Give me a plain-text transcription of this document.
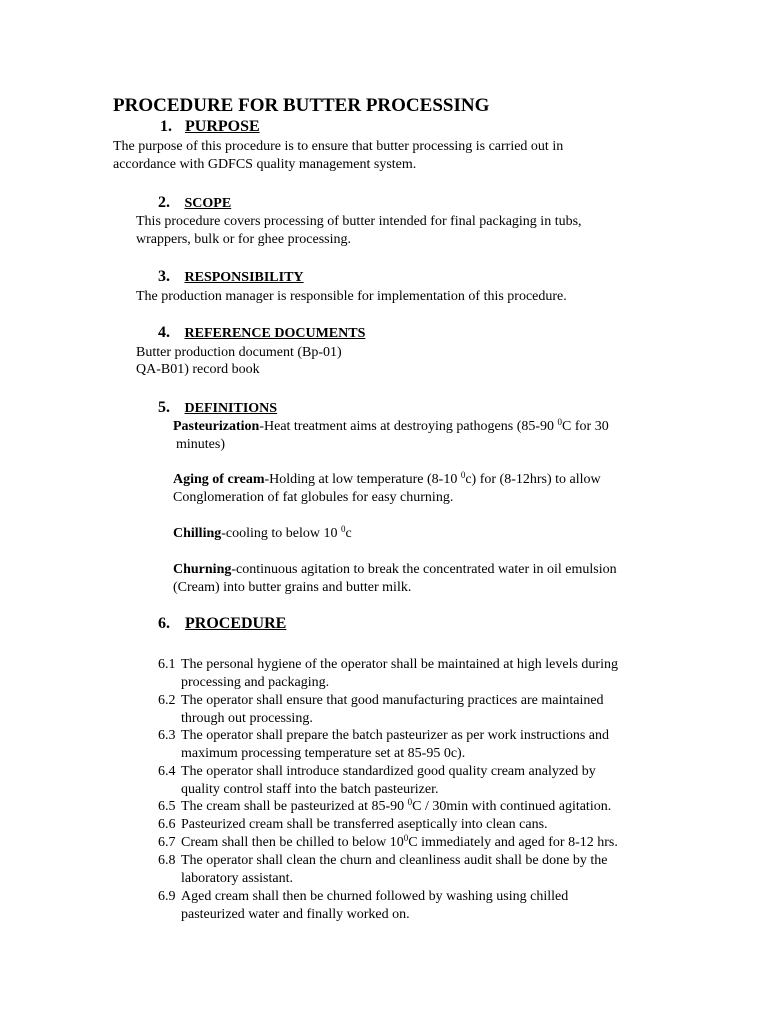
PROCEDURE FOR BUTTER PROCESSING
1. PURPOSE
The purpose of this procedure is to ensure that butter processing is carried out in
accordance with GDFCS quality management system.
2. SCOPE
This procedure covers processing of butter intended for final packaging in tubs,
wrappers, bulk or for ghee processing.
3. RESPONSIBILITY
The production manager is responsible for implementation of this procedure.
4. REFERENCE DOCUMENTS
Butter production document (Bp-01)
QA-B01) record book
5. DEFINITIONS
Pasteurization-Heat treatment aims at destroying pathogens (85-90 $^0$C for 30
minutes)
Aging of cream-Holding at low temperature (8-10 $^0$c) for (8-12hrs) to allow
Conglomeration of fat globules for easy churning.
Chilling-cooling to below 10 $^0$c
Churning-continuous agitation to break the concentrated water in oil emulsion
(Cream) into butter grains and butter milk.
6. PROCEDURE
6.1 The personal hygiene of the operator shall be maintained at high levels during
processing and packaging.
6.2 The operator shall ensure that good manufacturing practices are maintained
through out processing.
6.3 The operator shall prepare the batch pasteurizer as per work instructions and
maximum processing temperature set at 85-95 0c).
6.4 The operator shall introduce standardized good quality cream analyzed by
quality control staff into the batch pasteurizer.
6.5 The cream shall be pasteurized at 85-90 $^0$C / 30min with continued agitation.
6.6 Pasteurized cream shall be transferred aseptically into clean cans.
6.7 Cream shall then be chilled to below $10^0C$ immediately and aged for 8-12 hrs.
6.8 The operator shall clean the churn and cleanliness audit shall be done by the
laboratory assistant.
6.9 Aged cream shall then be churned followed by washing using chilled
pasteurized water and finally worked on.
